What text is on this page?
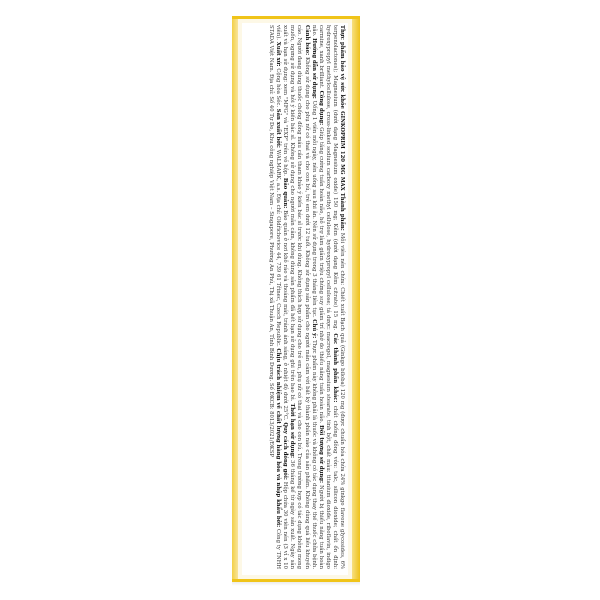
Thực phẩm bảo vệ sức khỏe GINKOPRIM 120 MG MAX Thành phần: Mỗi viên nén chứa: Chiết xuất Bạch quả (Ginkgo biloba) 120 mg (được chuẩn hóa chứa 24% ginkgo flavone glycosides, 6% terpenolactones); Magnesium (dưới dạng Magnesium oxide) 150 mg; Kẽm (dưới dạng Kẽm citrate) 15 mg. Các thành phần khác: chất chống đông vón: talc, silicon dioxide; chất ổn định: hydroxypropyl methylcellulose, cross-linked sodium carboxy methyl cellulose, hydroxypropyl cellulose; tá dược: macrogol, magnesium stearate, tinh bột, chất màu: titanium dioxide, riboflavin, indigo carmine, xanh brilliant. Công dụng: Giúp tăng cường tuần hoàn não, hỗ trợ làm giảm triệu chứng suy giảm trí nhớ do thiểu năng tuần hoàn não. Đối tượng sử dụng: Người bị thiểu năng tuần hoàn não. Hướng dẫn sử dụng: Uống 1 viên mỗi ngày, nên uống sau khi ăn. Nên sử dụng trong 3 tháng liên tục. Chú ý: Thực phẩm này không phải là thuốc và không có tác dụng thay thế thuốc chữa bệnh. Cảnh báo: Không sử dụng cho phụ nữ có thai và cho con bú, trẻ em dưới 12 tuổi. Không sử dụng sản phẩm cho người mẫn cảm với bất kỳ thành phần nào của sản phẩm. Không dùng quá liều khuyến cáo. Người đang dùng thuốc chống đông máu cần tham khảo ý kiến bác sĩ trước khi dùng. Không thích hợp sử dụng cho trẻ em, phụ nữ có thai và cho con bú. Trong trường hợp có tác dụng không mong muốn, ngưng sử dụng và hỏi ý kiến bác sĩ. Không sử dụng cho người mẫn cảm, không dùng sản phẩm đã hết hạn sử dụng ghi trên bao bì. Thời hạn sử dụng: 36 tháng kể từ ngày sản xuất. Ngày sản xuất và hạn sử dụng: xem "MFG" và "EXP" trên vỏ hộp. Bảo quản: Bảo quản ở nơi khô ráo và thoáng mát, tránh ánh sáng, ở nhiệt độ dưới 25°C. Quy cách đóng gói: Hộp chứa 30 viên nén (3 vỉ x 10 viên). Xuất xứ: Cộng hòa Séc. Sản xuất bởi: WALMARK, a.s. Địa chỉ: Oldřichovice 44, 739 61 Třinec, Czech Republic. Chịu trách nhiệm về chất lượng hàng hóa và nhập khẩu bởi: Công ty TNHH STADA Việt Nam. Địa chỉ: Số 40 Tự Do, Khu công nghiệp Việt Nam – Singapore, Phường An Phú, Thị xã Thuận An, Tỉnh Bình Dương. Số ĐKCB: 8013/2021/ĐKSP
